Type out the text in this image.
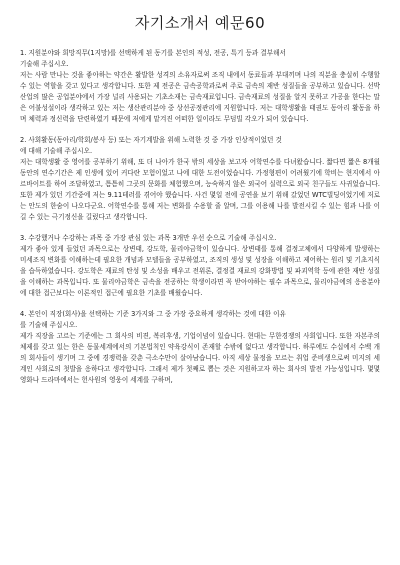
자기소개서 예문60

1. 지원분야와 희망직무(1지망)를 선택하게 된 동기를 본인의 적성, 전공, 특기 등과 결부해서
기술해 주십시오.

저는 사람 만나는 것을 좋아하는 약간은 활발한 성격의 소유자로써 조직 내에서 동료들과 부대끼며 나의 직분을 충실히 수행할 수 있는 역할을 갖고 있다고 생각합니다. 또한 제 전공은 금속공학과로써 주로 금속의 재반 성질들을 공부하고 있습니다. 선박산업의 많은 공업분야에서 가장 널리 사용되는 기초소재는 금속재료입니다. 금속재료의 성질을 알지 못하고 가공을 한다는 말은 어불성설이라 생각하고 있는 저는 생산관리분야 중 상선공정관리에 지원합니다. 저는 대학생활을 태권도 동아리 활동을 하며 체력과 정신력을 단련하였기 때문에 저에게 맡겨진 어떠한 일이라도 무덤빌 각오가 되어 있습니다.

2. 사회활동(동아리/학회/봉사 등) 또는 자기계발을 위해 노력한 것 중 가장 인상적이었던 것
에 대해 기술해 주십시오.

저는 대학생활 중 영어를 공부하기 위해, 또 더 나아가 한국 밖의 세상을 보고자 어학연수를 다녀왔습니다. 짧다면 짧은 8개월 동안의 연수기간은 제 인생에 있어 커다란 모험이었고 나에 대한 도전이었습니다. 가정형편이 어려웠기에 학비는 현지에서 아르바이트를 하여 조달하였고, 틈틈히 그곳의 문화를 체험했으며, 능숙하지 않은 외국어 실력으로 외국 친구들도 사귀었습니다. 또한 제가 있던 기간중에 저는 9.11테러를 겪어야 했습니다. 사건 몇일 전에 공연을 보기 위해 갔었던 WTC빌딩이었기에 저로는 안도의 한숨이 나오다군요. 어학연수를 통해 저는 변화를 수용할 줄 알며, 그를 이용해 나를 발전시킬 수 있는 힘과 나를 이길 수 있는 극기정신을 길렀다고 생각합니다.

3. 수강했거나 수강하는 과목 중 가장 관심 있는 과목 3개만 우선 순으로 기술해 주십시오.

제가 좋아 있게 들었던 과목으로는 상변태, 강도학, 물리야금학이 있습니다. 상변태를 통해 결정고체에서 다양하게 발생하는 미세조직 변화를 이해하는데 필요한 개념과 모델들을 공부하였고, 조직의 생성 및 성장을 이해하고 제어하는 원리 및 기초지식을 습득하였습니다. 강도학은 재료의 탄성 및 소성을 배우고 전위론, 결정결 재료의 강화방법 및 파괴역학 등에 관한 재반 성질을 이해하는 과목입니다. 또 물리야금학은 금속을 전공하는 학생이라면 꼭 받아야하는 필수 과목으로, 물리야금에의 응용분야에 대한 접근보다는 이론적인 접근에 필요한 기초를 배웠습니다.

4. 본인이 직장(회사)을 선택하는 기준 3가지와 그 중 가장 중요하게 생각하는 것에 대한 이유
를 기술해 주십시오.

제가 직장을 고르는 기준에는 그 회사의 비젼, 복리후생, 기업이념이 있습니다. 현대는 무한경쟁의 사회입니다. 또한 자본주의 체제를 갖고 있는 한은 동물세계에서의 기본법칙인 약육강식이 존재할 수밖에 없다고 생각합니다. 하루에도 수십에서 수백 개의 회사들이 생기며 그 중에 경쟁력을 갖춘 극소수만이 살아남습니다. 아직 세상 물정을 모르는 취업 준비생으로써 미지의 세계인 사회로의 첫발을 응하다고 생각합니다. 그래서 제가 첫째로 뽑는 것은 지원하고자 하는 회사의 발전 가능성입니다. 몇몇 영화나 드라마에서는 헌사원의 영웅이 세계를 구하며,
